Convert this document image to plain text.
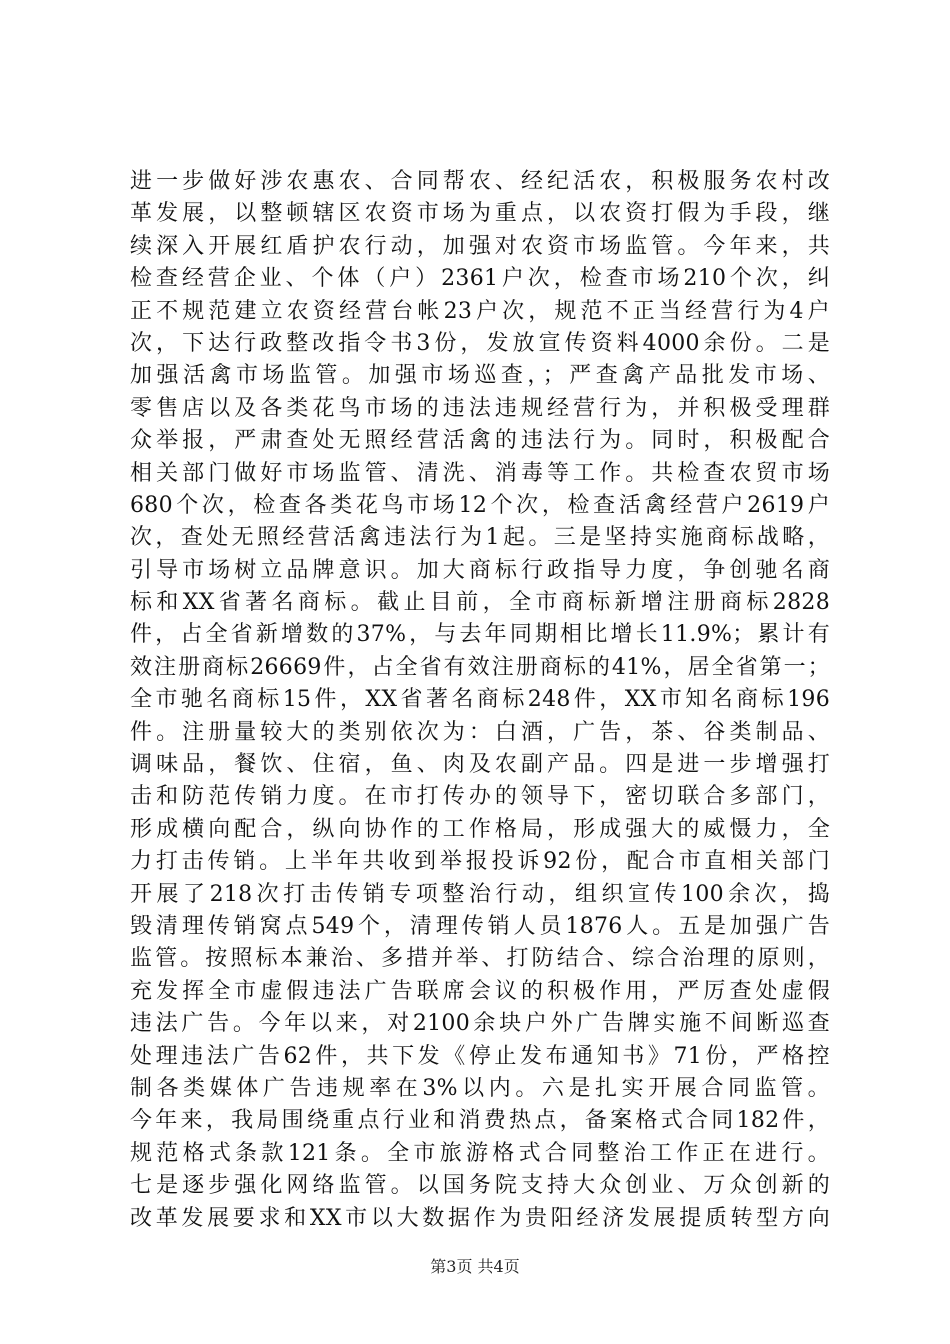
进一步做好涉农惠农、合同帮农、经纪活农，积极服务农村改
革发展，以整顿辖区农资市场为重点，以农资打假为手段，继
续深入开展红盾护农行动，加强对农资市场监管。今年来，共
检查经营企业、个体（户）2361户次，检查市场210个次，纠
正不规范建立农资经营台帐23户次，规范不正当经营行为4户
次，下达行政整改指令书3份，发放宣传资料4000余份。二是
加强活禽市场监管。加强市场巡查，；严查禽产品批发市场、
零售店以及各类花鸟市场的违法违规经营行为，并积极受理群
众举报，严肃查处无照经营活禽的违法行为。同时，积极配合
相关部门做好市场监管、清洗、消毒等工作。共检查农贸市场
680个次，检查各类花鸟市场12个次，检查活禽经营户2619户
次，查处无照经营活禽违法行为1起。三是坚持实施商标战略，
引导市场树立品牌意识。加大商标行政指导力度，争创驰名商
标和XX省著名商标。截止目前，全市商标新增注册商标2828
件，占全省新增数的37%，与去年同期相比增长11.9%；累计有
效注册商标26669件，占全省有效注册商标的41%，居全省第一；
全市驰名商标15件，XX省著名商标248件，XX市知名商标196
件。注册量较大的类别依次为：白酒，广告，茶、谷类制品、
调味品，餐饮、住宿，鱼、肉及农副产品。四是进一步增强打
击和防范传销力度。在市打传办的领导下，密切联合多部门，
形成横向配合，纵向协作的工作格局，形成强大的威慑力，全
力打击传销。上半年共收到举报投诉92份，配合市直相关部门
开展了218次打击传销专项整治行动，组织宣传100余次，捣
毁清理传销窝点549个，清理传销人员1876人。五是加强广告
监管。按照标本兼治、多措并举、打防结合、综合治理的原则，
充发挥全市虚假违法广告联席会议的积极作用，严厉查处虚假
违法广告。今年以来，对2100余块户外广告牌实施不间断巡查
处理违法广告62件，共下发《停止发布通知书》71份，严格控
制各类媒体广告违规率在3%以内。六是扎实开展合同监管。
今年来，我局围绕重点行业和消费热点，备案格式合同182件，
规范格式条款121条。全市旅游格式合同整治工作正在进行。
七是逐步强化网络监管。以国务院支持大众创业、万众创新的
改革发展要求和XX市以大数据作为贵阳经济发展提质转型方向
第3页 共4页
